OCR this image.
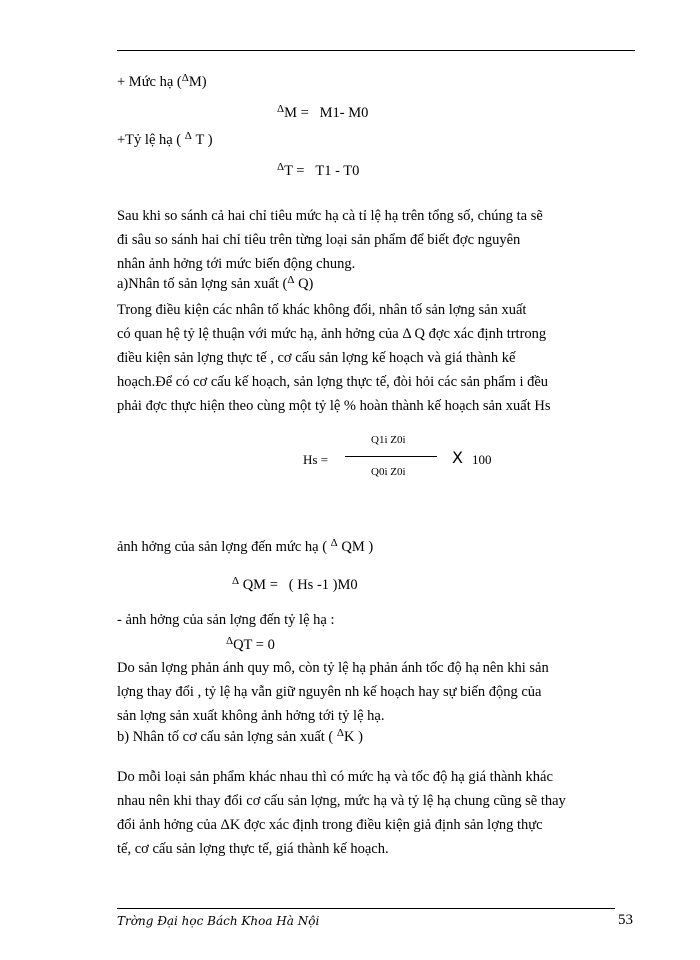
+ Mức hạ ($^\Delta$M)
$^\Delta$M = M1- M0
+Tỷ lệ hạ ( $^\Delta$ T )
$^\Delta$T = T1 - T0
Sau khi so sánh cả hai chỉ tiêu mức hạ cà tỉ lệ hạ trên tổng số, chúng ta sẽ
đi sâu so sánh hai chỉ tiêu trên từng loại sản phẩm để biết đợc nguyên
nhân ảnh hởng tới mức biến động chung.
a)Nhân tố sản lợng sản xuất ($^\Delta$ Q)
Trong điều kiện các nhân tố khác không đổi, nhân tố sản lợng sản xuất
có quan hệ tỷ lệ thuận với mức hạ, ảnh hởng của Δ Q đợc xác định trtrong
điều kiện sản lợng thực tế , cơ cấu sản lợng kế hoạch và giá thành kế
hoạch.Để có cơ cấu kế hoạch, sản lợng thực tế, đòi hỏi các sản phẩm i đều
phải đợc thực hiện theo cùng một tỷ lệ % hoàn thành kế hoạch sản xuất Hs
Hs =
Q1i Z0i
Q0i Z0i
X 100
ảnh hởng của sản lợng đến mức hạ ( $^\Delta$ QM )
$^\Delta$ QM = ( Hs -1 )M0
- ảnh hởng của sản lợng đến tỷ lệ hạ :
$^\Delta$QT = 0
Do sản lợng phản ánh quy mô, còn tỷ lệ hạ phản ánh tốc độ hạ nên khi sản
lợng thay đổi , tỷ lệ hạ vẫn giữ nguyên nh kế hoạch hay sự biến động của
sản lợng sản xuất không ảnh hởng tới tỷ lệ hạ.
b) Nhân tố cơ cấu sản lợng sản xuất ( $^\Delta$K )
Do mỗi loại sản phẩm khác nhau thì có mức hạ và tốc độ hạ giá thành khác
nhau nên khi thay đổi cơ cấu sản lợng, mức hạ và tỷ lệ hạ chung cũng sẽ thay
đổi ảnh hởng của ΔK đợc xác định trong điều kiện giả định sản lợng thực
tế, cơ cấu sản lợng thực tế, giá thành kế hoạch.
Trờng Đại học Bách Khoa Hà Nội	53
